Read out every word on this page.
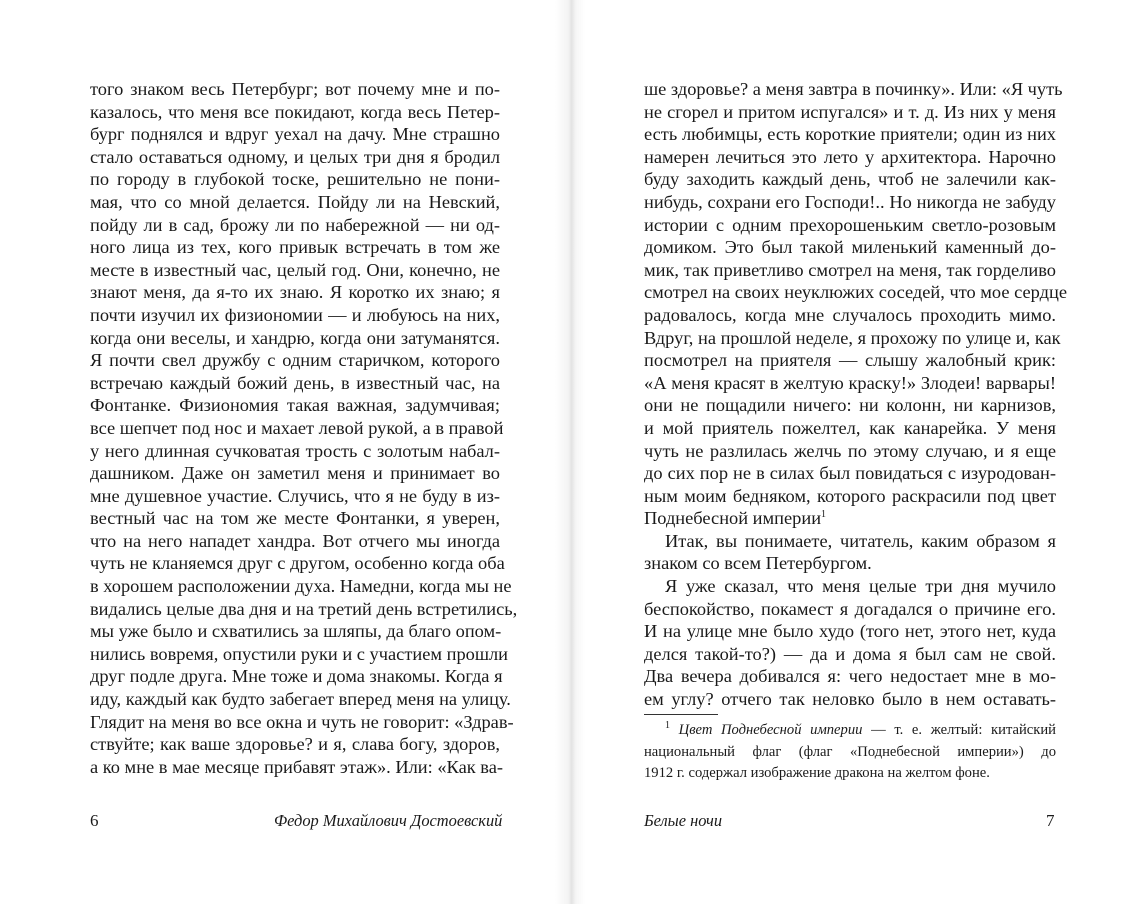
того знаком весь Петербург; вот почему мне и по-
казалось, что меня все покидают, когда весь Петер-
бург поднялся и вдруг уехал на дачу. Мне страшно
стало оставаться одному, и целых три дня я бродил
по городу в глубокой тоске, решительно не пони-
мая, что со мной делается. Пойду ли на Невский,
пойду ли в сад, брожу ли по набережной — ни од-
ного лица из тех, кого привык встречать в том же
месте в известный час, целый год. Они, конечно, не
знают меня, да я-то их знаю. Я коротко их знаю; я
почти изучил их физиономии — и любуюсь на них,
когда они веселы, и хандрю, когда они затуманятся.
Я почти свел дружбу с одним старичком, которого
встречаю каждый божий день, в известный час, на
Фонтанке. Физиономия такая важная, задумчивая;
все шепчет под нос и махает левой рукой, а в правой
у него длинная сучковатая трость с золотым набал-
дашником. Даже он заметил меня и принимает во
мне душевное участие. Случись, что я не буду в из-
вестный час на том же месте Фонтанки, я уверен,
что на него нападет хандра. Вот отчего мы иногда
чуть не кланяемся друг с другом, особенно когда оба
в хорошем расположении духа. Намедни, когда мы не
видались целые два дня и на третий день встретились,
мы уже было и схватились за шляпы, да благо опом-
нились вовремя, опустили руки и с участием прошли
друг подле друга. Мне тоже и дома знакомы. Когда я
иду, каждый как будто забегает вперед меня на улицу.
Глядит на меня во все окна и чуть не говорит: «Здрав-
ствуйте; как ваше здоровье? и я, слава богу, здоров,
а ко мне в мае месяце прибавят этаж». Или: «Как ва-
6	Федор Михайлович Достоевский
ше здоровье? а меня завтра в починку». Или: «Я чуть
не сгорел и притом испугался» и т. д. Из них у меня
есть любимцы, есть короткие приятели; один из них
намерен лечиться это лето у архитектора. Нарочно
буду заходить каждый день, чтоб не залечили как-
нибудь, сохрани его Господи!.. Но никогда не забуду
истории с одним прехорошеньким светло-розовым
домиком. Это был такой миленький каменный до-
мик, так приветливо смотрел на меня, так горделиво
смотрел на своих неуклюжих соседей, что мое сердце
радовалось, когда мне случалось проходить мимо.
Вдруг, на прошлой неделе, я прохожу по улице и, как
посмотрел на приятеля — слышу жалобный крик:
«А меня красят в желтую краску!» Злодеи! варвары!
они не пощадили ничего: ни колонн, ни карнизов,
и мой приятель пожелтел, как канарейка. У меня
чуть не разлилась желчь по этому случаю, и я еще
до сих пор не в силах был повидаться с изуродован-
ным моим бедняком, которого раскрасили под цвет
Поднебесной империи$^1$
Итак, вы понимаете, читатель, каким образом я
знаком со всем Петербургом.
Я уже сказал, что меня целые три дня мучило
беспокойство, покамест я догадался о причине его.
И на улице мне было худо (того нет, этого нет, куда
делся такой-то?) — да и дома я был сам не свой.
Два вечера добивался я: чего недостает мне в мо-
ем углу? отчего так неловко было в нем оставать-
$^1$ Цвет Поднебесной империи — т. е. желтый: китайский
национальный флаг (флаг «Поднебесной империи») до
1912 г. содержал изображение дракона на желтом фоне.
Белые ночи	7
